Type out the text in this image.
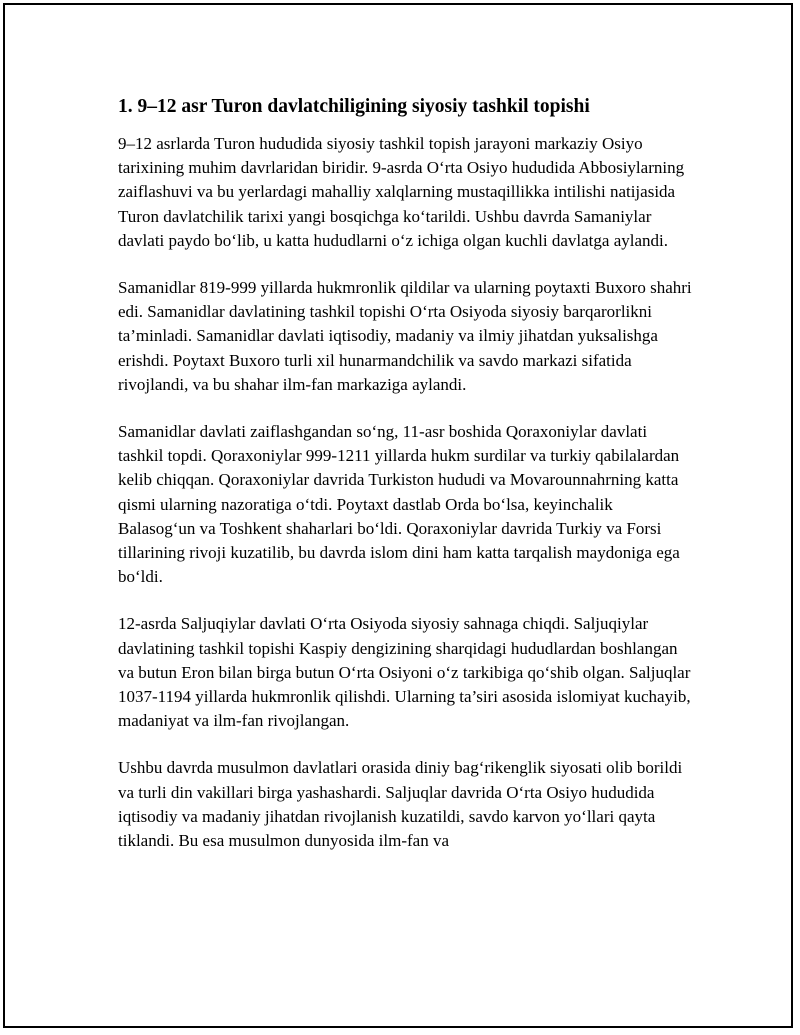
1. 9–12 asr Turon davlatchiligining siyosiy tashkil topishi

9–12 asrlarda Turon hududida siyosiy tashkil topish jarayoni markaziy Osiyo tarixining muhim davrlaridan biridir. 9-asrda O‘rta Osiyo hududida Abbosiylarning zaiflashuvi va bu yerlardagi mahalliy xalqlarning mustaqillikka intilishi natijasida Turon davlatchilik tarixi yangi bosqichga ko‘tarildi. Ushbu davrda Samaniylar davlati paydo bo‘lib, u katta hududlarni o‘z ichiga olgan kuchli davlatga aylandi.

Samanidlar 819-999 yillarda hukmronlik qildilar va ularning poytaxti Buxoro shahri edi. Samanidlar davlatining tashkil topishi O‘rta Osiyoda siyosiy barqarorlikni ta’minladi. Samanidlar davlati iqtisodiy, madaniy va ilmiy jihatdan yuksalishga erishdi. Poytaxt Buxoro turli xil hunarmandchilik va savdo markazi sifatida rivojlandi, va bu shahar ilm-fan markaziga aylandi.

Samanidlar davlati zaiflashgandan so‘ng, 11-asr boshida Qoraxoniylar davlati tashkil topdi. Qoraxoniylar 999-1211 yillarda hukm surdilar va turkiy qabilalardan kelib chiqqan. Qoraxoniylar davrida Turkiston hududi va Movarounnahrning katta qismi ularning nazoratiga o‘tdi. Poytaxt dastlab Orda bo‘lsa, keyinchalik Balasog‘un va Toshkent shaharlari bo‘ldi. Qoraxoniylar davrida Turkiy va Forsi tillarining rivoji kuzatilib, bu davrda islom dini ham katta tarqalish maydoniga ega bo‘ldi.

12-asrda Saljuqiylar davlati O‘rta Osiyoda siyosiy sahnaga chiqdi. Saljuqiylar davlatining tashkil topishi Kaspiy dengizining sharqidagi hududlardan boshlangan va butun Eron bilan birga butun O‘rta Osiyoni o‘z tarkibiga qo‘shib olgan. Saljuqlar 1037-1194 yillarda hukmronlik qilishdi. Ularning ta’siri asosida islomiyat kuchayib, madaniyat va ilm-fan rivojlangan.

Ushbu davrda musulmon davlatlari orasida diniy bag‘rikenglik siyosati olib borildi va turli din vakillari birga yashashardi. Saljuqlar davrida O‘rta Osiyo hududida iqtisodiy va madaniy jihatdan rivojlanish kuzatildi, savdo karvon yo‘llari qayta tiklandi. Bu esa musulmon dunyosida ilm-fan va
